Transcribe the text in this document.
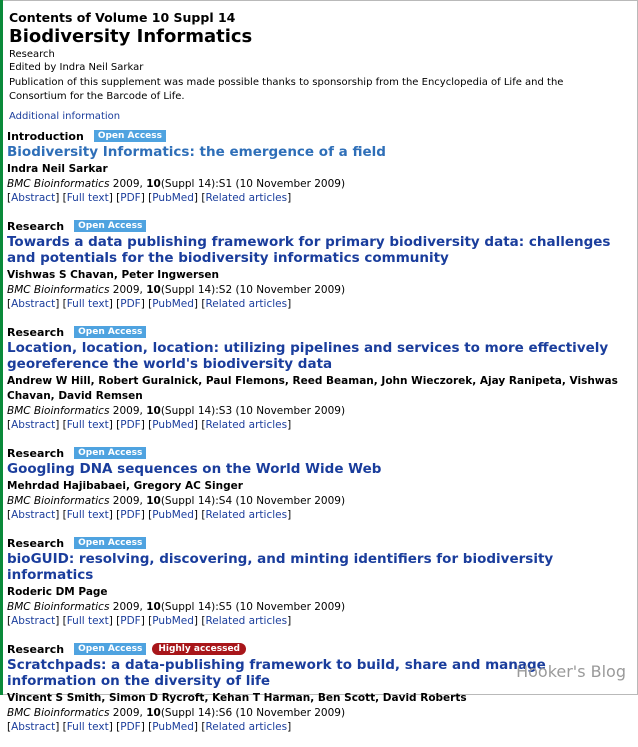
Contents of Volume 10 Suppl 14
Biodiversity Informatics
Research
Edited by Indra Neil Sarkar
Publication of this supplement was made possible thanks to sponsorship from the Encyclopedia of Life and the Consortium for the Barcode of Life.
Additional information
Introduction	Open Access
Biodiversity Informatics: the emergence of a field
Indra Neil Sarkar
BMC Bioinformatics 2009, 10(Suppl 14):S1 (10 November 2009)
[Abstract] [Full text] [PDF] [PubMed] [Related articles]
Research	Open Access
Towards a data publishing framework for primary biodiversity data: challenges and potentials for the biodiversity informatics community
Vishwas S Chavan, Peter Ingwersen
BMC Bioinformatics 2009, 10(Suppl 14):S2 (10 November 2009)
[Abstract] [Full text] [PDF] [PubMed] [Related articles]
Research	Open Access
Location, location, location: utilizing pipelines and services to more effectively georeference the world's biodiversity data
Andrew W Hill, Robert Guralnick, Paul Flemons, Reed Beaman, John Wieczorek, Ajay Ranipeta, Vishwas Chavan, David Remsen
BMC Bioinformatics 2009, 10(Suppl 14):S3 (10 November 2009)
[Abstract] [Full text] [PDF] [PubMed] [Related articles]
Research	Open Access
Googling DNA sequences on the World Wide Web
Mehrdad Hajibabaei, Gregory AC Singer
BMC Bioinformatics 2009, 10(Suppl 14):S4 (10 November 2009)
[Abstract] [Full text] [PDF] [PubMed] [Related articles]
Research	Open Access
bioGUID: resolving, discovering, and minting identifiers for biodiversity informatics
Roderic DM Page
BMC Bioinformatics 2009, 10(Suppl 14):S5 (10 November 2009)
[Abstract] [Full text] [PDF] [PubMed] [Related articles]
Research	Open Access	Highly accessed
Scratchpads: a data-publishing framework to build, share and manage information on the diversity of life
Vincent S Smith, Simon D Rycroft, Kehan T Harman, Ben Scott, David Roberts
BMC Bioinformatics 2009, 10(Suppl 14):S6 (10 November 2009)
[Abstract] [Full text] [PDF] [PubMed] [Related articles]
Hooker's Blog
